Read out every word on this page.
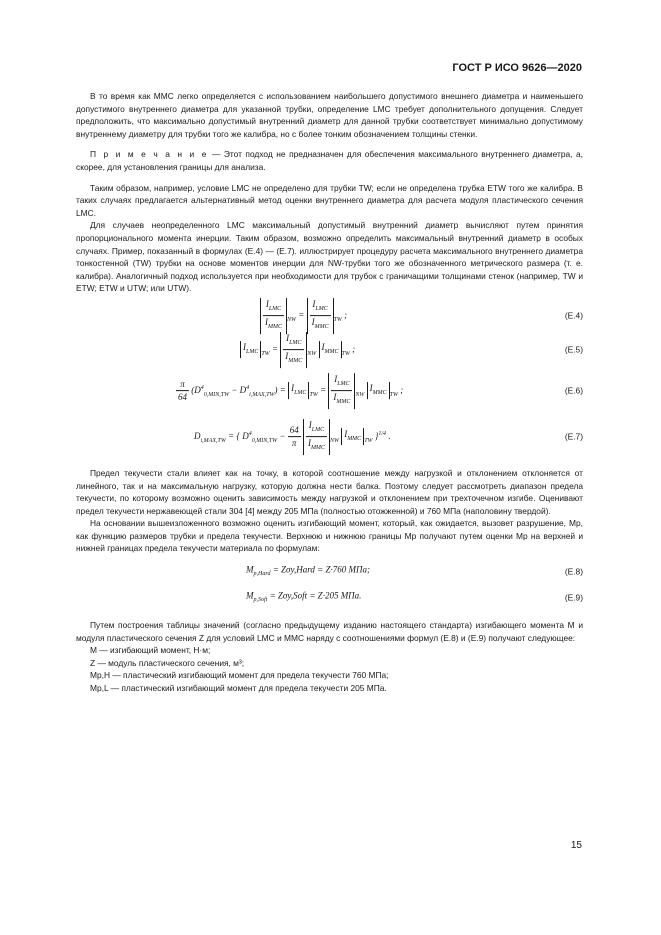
ГОСТ Р ИСО 9626—2020

В то время как MMC легко определяется с использованием наибольшего допустимого внешнего диаметра и наименьшего допустимого внутреннего диаметра для указанной трубки, определение LMC требует дополнительного допущения. Следует предположить, что максимально допустимый внутренний диаметр для данной трубки соответствует минимально допустимому внутреннему диаметру для трубки того же калибра, но с более тонким обозначением толщины стенки.

П р и м е ч а н и е — Этот подход не предназначен для обеспечения максимального внутреннего диаметра, а, скорее, для установления границы для анализа.

Таким образом, например, условие LMC не определено для трубки TW; если не определена трубка ETW того же калибра. В таких случаях предлагается альтернативный метод оценки внутреннего диаметра для расчета модуля пластического сечения LMC.

Для случаев неопределенного LMC максимальный допустимый внутренний диаметр вычисляют путем принятия пропорционального момента инерции. Таким образом, возможно определить максимальный внутренний диаметр в особых случаях. Пример, показанный в формулах (Е.4) — (Е.7). иллюстрирует процедуру расчета максимального внутреннего диаметра тонкостенной (TW) трубки на основе моментов инерции для NW-трубки того же обозначенного метрического размера (т. е. калибра). Аналогичный подход используется при необходимости для трубок с граничащими толщинами стенок (например, TW и ETW; ETW и UTW; или UTW).

$\frac{I_{LMC}}{I_{MMC}} _{NW} = \frac{I_{LMC}}{I_{MMC}} _{TW}$ ;	(Е.4)
$I_{LMC}$ $_{TW} = \frac{I_{LMC}}{I_{MMC}} _{NW}$ $I_{MMC}$ $_{TW}$ ;	(Е.5)
$\frac{\pi}{64} (D^4_{0,MIN,TW} - D^4_{i,MAX,TW}) = I_{LMC}$ $_{TW} = \frac{I_{LMC}}{I_{MMC}} _{NW}$ $I_{MMC}$ $_{TW}$ ;	(Е.6)
$D_{i,MAX,TW}$ = { $D^4_{0,MIN,TW} - \frac{64}{\pi}$
$\frac{I_{LMC}}{I_{MMC}} _{NW}$ $I_{MMC}$ $_{TW}$ }$^{1/4}$ .	(Е.7)

Предел текучести стали влияет как на точку, в которой соотношение между нагрузкой и отклонением отклоняется от линейного, так и на максимальную нагрузку, которую должна нести балка. Поэтому следует рассмотреть диапазон предела текучести, по которому возможно оценить зависимость между нагрузкой и отклонением при трехточечном изгибе. Оценивают предел текучести нержавеющей стали 304 [4] между 205 МПа (полностью отожженной) и 760 МПа (наполовину твердой).

На основании вышеизложенного возможно оценить изгибающий момент, который, как ожидается, вызовет разрушение, Mp, как функцию размеров трубки и предела текучести. Верхнюю и нижнюю границы Mp получают путем оценки Mp на верхней и нижней границах предела текучести материала по формулам:

$M_{p,Hard}$ = Zσy,Hard = Z·760 МПа;	(Е.8)
$M_{p,Soft}$ = Zσy,Soft = Z·205 МПа.	(Е.9)

Путем построения таблицы значений (согласно предыдущему изданию настоящего стандарта) изгибающего момента M и модуля пластического сечения Z для условий LMC и MMC наряду с соотношениями формул (Е.8) и (Е.9) получают следующее:

M — изгибающий момент, Н·м;

Z — модуль пластического сечения, м³;

Mp,H — пластический изгибающий момент для предела текучести 760 МПа;

Mp,L — пластический изгибающий момент для предела текучести 205 МПа.

15
